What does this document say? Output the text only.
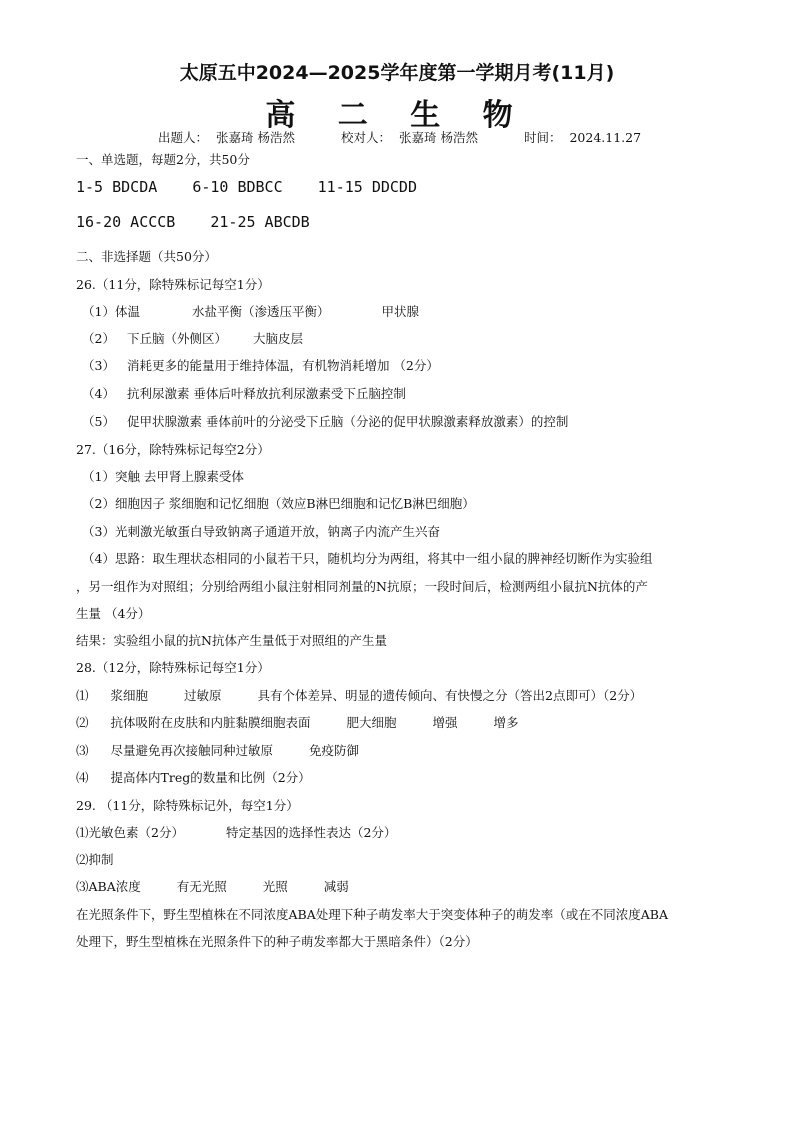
太原五中2024—2025学年度第一学期月考(11月)
高 二 生 物
出题人： 张嘉琦 杨浩然	校对人： 张嘉琦 杨浩然	时间： 2024.11.27
一、单选题，每题2分，共50分
1-5 BDCDA 6-10 BDBCC 11-15 DDCDD
16-20 ACCCB 21-25 ABCDB
二、非选择题（共50分）
26.（11分，除特殊标记每空1分）
（1）体温	水盐平衡（渗透压平衡）	甲状腺
（2） 下丘脑（外侧区） 大脑皮层
（3） 消耗更多的能量用于维持体温，有机物消耗增加 （2分）
（4） 抗利尿激素 垂体后叶释放抗利尿激素受下丘脑控制
（5） 促甲状腺激素 垂体前叶的分泌受下丘脑（分泌的促甲状腺激素释放激素）的控制
27.（16分，除特殊标记每空2分）
（1）突触 去甲肾上腺素受体
（2）细胞因子 浆细胞和记忆细胞（效应B淋巴细胞和记忆B淋巴细胞）
（3）光刺激光敏蛋白导致钠离子通道开放，钠离子内流产生兴奋
（4）思路：取生理状态相同的小鼠若干只，随机均分为两组，将其中一组小鼠的脾神经切断作为实验组
，另一组作为对照组；分别给两组小鼠注射相同剂量的N抗原；一段时间后，检测两组小鼠抗N抗体的产
生量 （4分）
结果：实验组小鼠的抗N抗体产生量低于对照组的产生量
28.（12分，除特殊标记每空1分）
⑴ 浆细胞	过敏原	具有个体差异、明显的遗传倾向、有快慢之分（答出2点即可）（2分）
⑵ 抗体吸附在皮肤和内脏黏膜细胞表面	肥大细胞	增强	增多
⑶ 尽量避免再次接触同种过敏原	免疫防御
⑷ 提高体内Treg的数量和比例（2分）
29. （11分，除特殊标记外，每空1分）
⑴光敏色素（2分）	特定基因的选择性表达（2分）
⑵抑制
⑶ABA浓度	有无光照	光照	减弱
在光照条件下，野生型植株在不同浓度ABA处理下种子萌发率大于突变体种子的萌发率（或在不同浓度ABA
处理下，野生型植株在光照条件下的种子萌发率都大于黑暗条件）（2分）
